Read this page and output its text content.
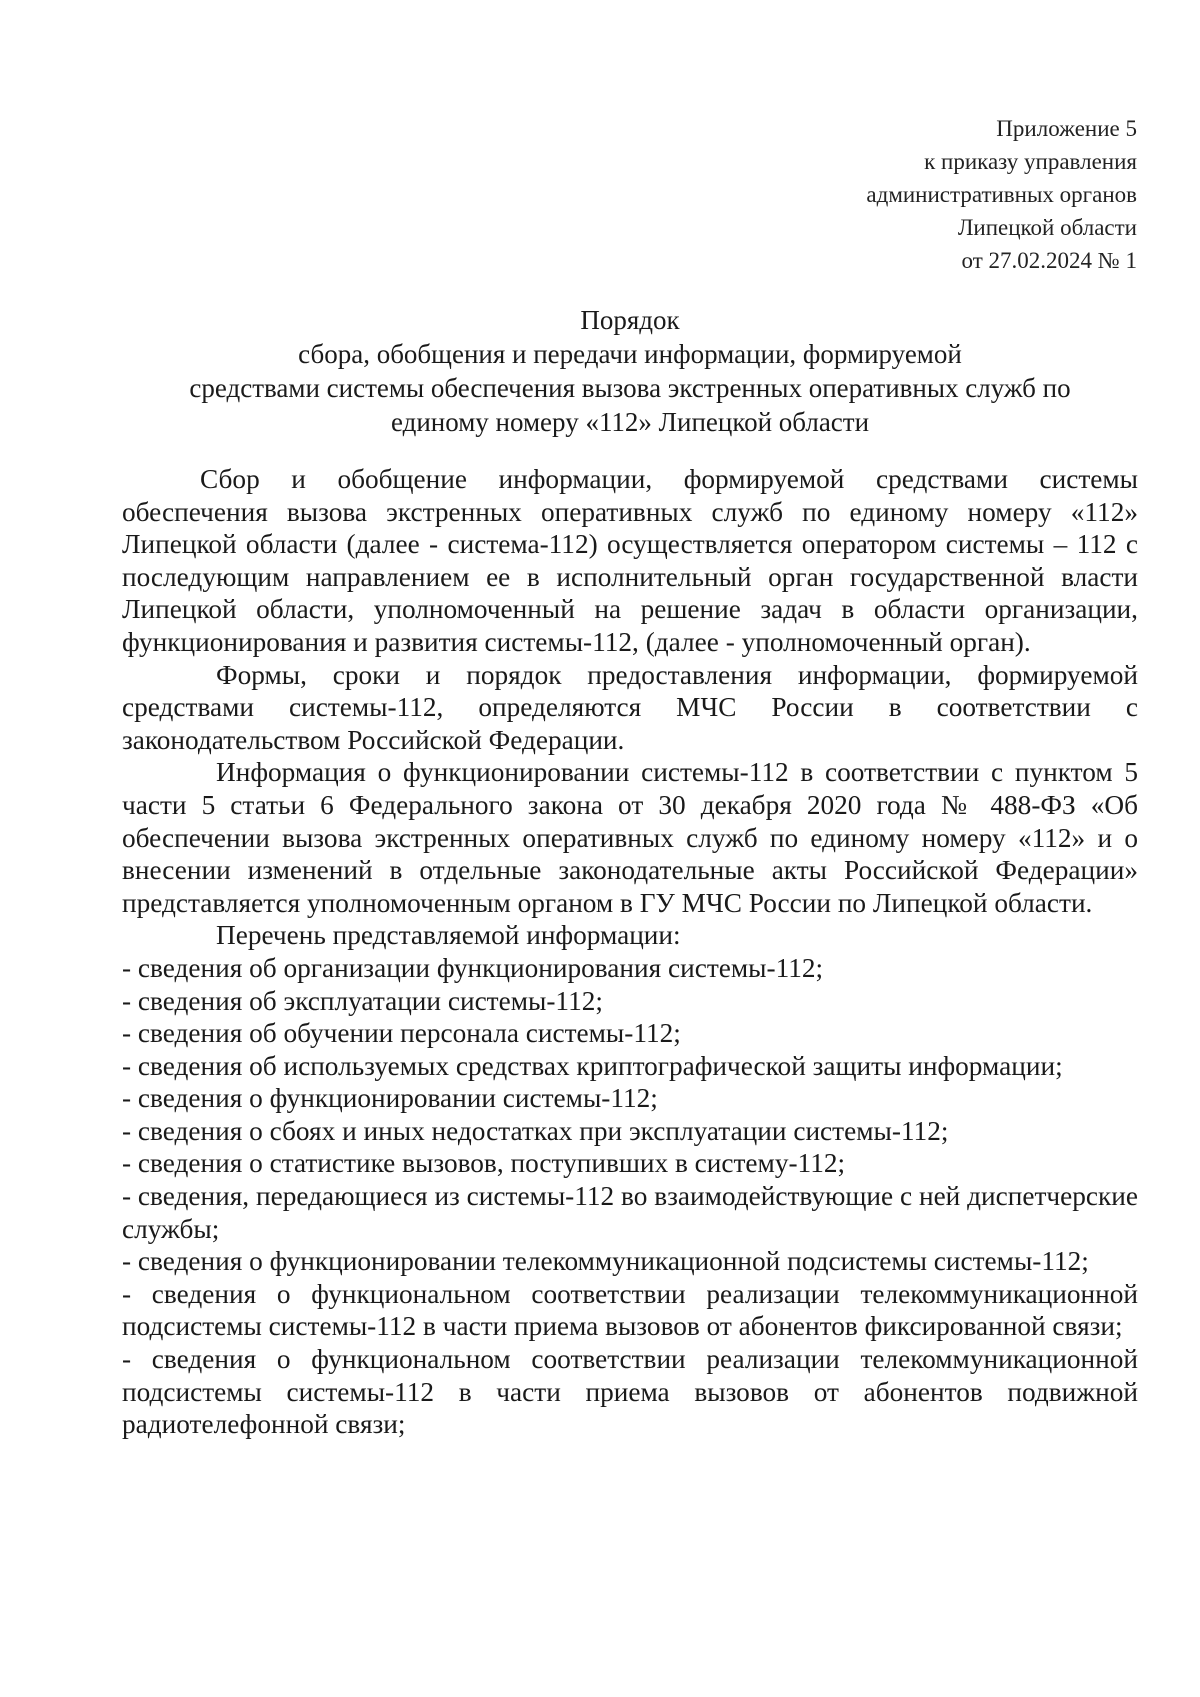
Приложение 5
к приказу управления
административных органов
Липецкой области
от 27.02.2024 № 1
Порядок
сбора, обобщения и передачи информации, формируемой
средствами системы обеспечения вызова экстренных оперативных служб по
единому номеру «112» Липецкой области

Сбор и обобщение информации, формируемой средствами системы обеспечения вызова экстренных оперативных служб по единому номеру «112» Липецкой области (далее - система-112) осуществляется оператором системы – 112 с последующим направлением ее в исполнительный орган государственной власти Липецкой области, уполномоченный на решение задач в области организации, функционирования и развития системы-112, (далее - уполномоченный орган).

Формы, сроки и порядок предоставления информации, формируемой средствами системы-112, определяются МЧС России в соответствии с законодательством Российской Федерации.

Информация о функционировании системы-112 в соответствии с пунктом 5 части 5 статьи 6 Федерального закона от 30 декабря 2020 года № 488-ФЗ «Об обеспечении вызова экстренных оперативных служб по единому номеру «112» и о внесении изменений в отдельные законодательные акты Российской Федерации» представляется уполномоченным органом в ГУ МЧС России по Липецкой области.

Перечень представляемой информации:

- сведения об организации функционирования системы-112;
- сведения об эксплуатации системы-112;
- сведения об обучении персонала системы-112;
- сведения об используемых средствах криптографической защиты информации;
- сведения о функционировании системы-112;
- сведения о сбоях и иных недостатках при эксплуатации системы-112;
- сведения о статистике вызовов, поступивших в систему-112;
- сведения, передающиеся из системы-112 во взаимодействующие с ней диспетчерские службы;
- сведения о функционировании телекоммуникационной подсистемы системы-112;
- сведения о функциональном соответствии реализации телекоммуникационной подсистемы системы-112 в части приема вызовов от абонентов фиксированной связи;
- сведения о функциональном соответствии реализации телекоммуникационной подсистемы системы-112 в части приема вызовов от абонентов подвижной радиотелефонной связи;
